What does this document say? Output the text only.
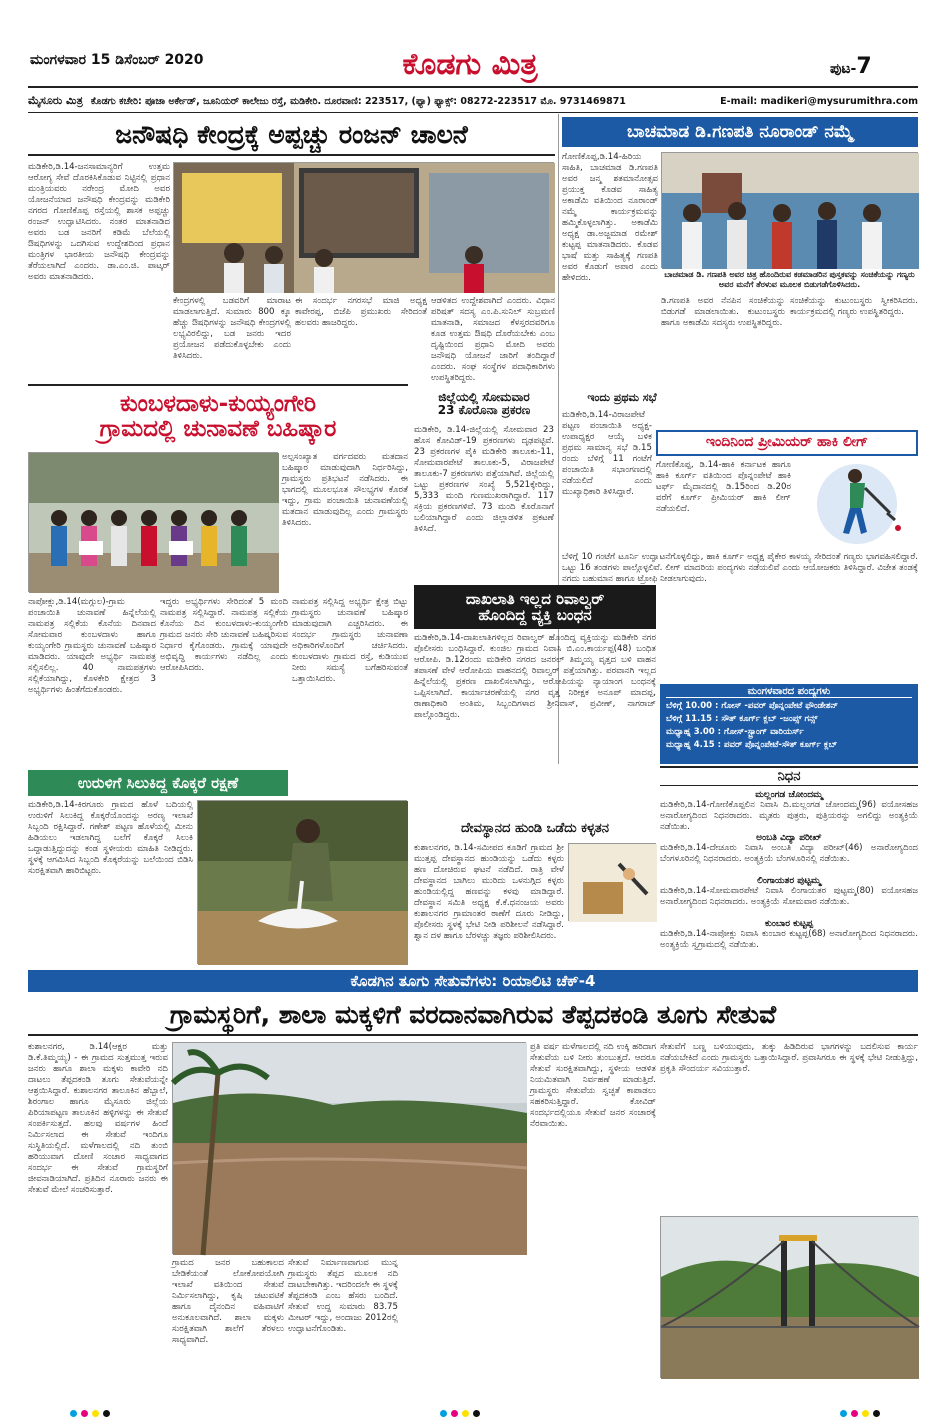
ಮಂಗಳವಾರ 15 ಡಿಸೆಂಬರ್ 2020	ಕೊಡಗು ಮಿತ್ರ	ಪುಟ-7
ಮೈಸೂರು ಮಿತ್ರ ಕೊಡಗು ಕಚೇರಿ: ಪೂಜಾ ಅರ್ಕೇಡ್, ಜೂನಿಯರ್ ಕಾಲೇಜು ರಸ್ತೆ, ಮಡಿಕೇರಿ. ದೂರವಾಣಿ: 223517, (ಫ್ಯಾ) ಫ್ಯಾಕ್ಸ್: 08272-223517 ಮೊ. 9731469871	E-mail: madikeri@mysurumithra.com
ಜನೌಷಧಿ ಕೇಂದ್ರಕ್ಕೆ ಅಪ್ಪಚ್ಚು ರಂಜನ್ ಚಾಲನೆ
ಮಡಿಕೇರಿ,ಡಿ.14-ಜನಸಾಮಾನ್ಯರಿಗೆ ಉತ್ತಮ ಆರೋಗ್ಯ ಸೇವೆ ದೊರಕಿಸಿಕೊಡುವ ನಿಟ್ಟಿನಲ್ಲಿ ಪ್ರಧಾನ ಮಂತ್ರಿಯವರು ನರೇಂದ್ರ ಮೋದಿ ಅವರ ಯೋಜನೆಯಾದ ಜನೌಷಧಿ ಕೇಂದ್ರವನ್ನು ಮಡಿಕೇರಿ ನಗರದ ಗೋಣಿಕೊಪ್ಪ ರಸ್ತೆಯಲ್ಲಿ ಶಾಸಕ ಅಪ್ಪಚ್ಚು ರಂಜನ್ ಉದ್ಘಾಟಿಸಿದರು. ನಂತರ ಮಾತನಾಡಿದ ಅವರು ಬಡ ಜನರಿಗೆ ಕಡಿಮೆ ಬೆಲೆಯಲ್ಲಿ ಔಷಧಿಗಳನ್ನು ಒದಗಿಸುವ ಉದ್ದೇಶದಿಂದ ಪ್ರಧಾನ ಮಂತ್ರಿಗಳ ಭಾರತೀಯ ಜನೌಷಧಿ ಕೇಂದ್ರವನ್ನು ತೆರೆಯಲಾಗಿದೆ ಎಂದರು. ಡಾ.ಎಂ.ಜಿ. ಪಾಟ್ಕರ್ ಅವರು ಮಾತನಾಡಿದರು.
ಕೇಂದ್ರಗಳಲ್ಲಿ ಬಡವರಿಗೆ ಮಾರಾಟ ಮಾಡಲಾಗುತ್ತಿದೆ. ಸುಮಾರು 800 ಕ್ಕೂ ಹೆಚ್ಚು ಔಷಧಿಗಳನ್ನು ಜನೌಷಧಿ ಕೇಂದ್ರಗಳಲ್ಲಿ ಲಭ್ಯವಿರಲಿದ್ದು, ಬಡ ಜನರು ಇದರ ಪ್ರಯೋಜನ ಪಡೆದುಕೊಳ್ಳಬೇಕು ಎಂದು ತಿಳಿಸಿದರು.
ಈ ಸಂದರ್ಭ ನಗರಸಭೆ ಮಾಜಿ ಅಧ್ಯಕ್ಷ ಕಾವೇರಪ್ಪ, ಬಿಜೆಪಿ ಪ್ರಮುಖರು ಸೇರಿದಂತೆ ಹಲವರು ಹಾಜರಿದ್ದರು.
ಆಡಳಿತದ ಉದ್ದೇಶವಾಗಿದೆ ಎಂದರು. ವಿಧಾನ ಪರಿಷತ್ ಸದಸ್ಯ ಎಂ.ಪಿ.ಸುನಿಲ್ ಸುಬ್ರಮಣಿ ಮಾತನಾಡಿ, ಸಮಾಜದ ಕೆಳಸ್ತರದವರಿಗೂ ಕೂಡ ಉತ್ತಮ ಔಷಧಿ ದೊರೆಯಬೇಕು ಎಂಬ ದೃಷ್ಟಿಯಿಂದ ಪ್ರಧಾನಿ ಮೋದಿ ಅವರು ಜನೌಷಧಿ ಯೋಜನೆ ಜಾರಿಗೆ ತಂದಿದ್ದಾರೆ ಎಂದರು. ಸಂಘ ಸಂಸ್ಥೆಗಳ ಪದಾಧಿಕಾರಿಗಳು ಉಪಸ್ಥಿತರಿದ್ದರು.
ಬಾಚಮಾಡ ಡಿ.ಗಣಪತಿ ನೂರಾಂಡ್ ನಮ್ಮೆ
ಗೋಣಿಕೊಪ್ಪ,ಡಿ.14-ಹಿರಿಯ ಸಾಹಿತಿ, ಬಾಚಮಾಡ ಡಿ.ಗಣಪತಿ ಅವರ ಜನ್ಮ ಶತಮಾನೋತ್ಸವ ಪ್ರಯುಕ್ತ ಕೊಡವ ಸಾಹಿತ್ಯ ಅಕಾಡೆಮಿ ವತಿಯಿಂದ ನೂರಾಂಡ್ ನಮ್ಮೆ ಕಾರ್ಯಕ್ರಮವನ್ನು ಹಮ್ಮಿಕೊಳ್ಳಲಾಗಿತ್ತು. ಅಕಾಡೆಮಿ ಅಧ್ಯಕ್ಷ ಡಾ.ಅಜ್ಜಮಾಡ ರಮೇಶ್ ಕುಟ್ಟಪ್ಪ ಮಾತನಾಡಿದರು. ಕೊಡವ ಭಾಷೆ ಮತ್ತು ಸಾಹಿತ್ಯಕ್ಕೆ ಗಣಪತಿ ಅವರ ಕೊಡುಗೆ ಅಪಾರ ಎಂದು ಹೇಳಿದರು.	ಬಾಚಮಾಡ ಡಿ. ಗಣಪತಿ ಅವರ ಚಿತ್ರ ಹೊಂದಿರುವ ಕಡಮಾಡರಿನ ಪುಸ್ತಕವನ್ನು ಸಂಚಿಕೆಯನ್ನು ಗಣ್ಯರು ಅವರ ಮನೆಗೆ ತೆರಳುವ ಮೂಲಕ ಬಿಡುಗಡೆಗೊಳಿಸಿದರು.
ಡಿ.ಗಣಪತಿ ಅವರ ನೆನಪಿನ ಸಂಚಿಕೆಯನ್ನು ಬಿಡುಗಡೆ ಮಾಡಲಾಯಿತು. ಕುಟುಂಬಸ್ಥರು ಹಾಗೂ ಅಕಾಡೆಮಿ ಸದಸ್ಯರು ಉಪಸ್ಥಿತರಿದ್ದರು.
ಸಂಚಿಕೆಯನ್ನು ಕುಟುಂಬಸ್ಥರು ಸ್ವೀಕರಿಸಿದರು. ಕಾರ್ಯಕ್ರಮದಲ್ಲಿ ಗಣ್ಯರು ಉಪಸ್ಥಿತರಿದ್ದರು.
ಕುಂಬಳದಾಳು-ಕುಯ್ಯಂಗೇರಿ
ಗ್ರಾಮದಲ್ಲಿ ಚುನಾವಣೆ ಬಹಿಷ್ಕಾರ
ಅಲ್ಪಸಂಖ್ಯಾತ ವರ್ಗದವರು ಮತದಾನ ಬಹಿಷ್ಕಾರ ಮಾಡುವುದಾಗಿ ನಿರ್ಧರಿಸಿದ್ದು, ಗ್ರಾಮಸ್ಥರು ಪ್ರತಿಭಟನೆ ನಡೆಸಿದರು. ಈ ಭಾಗದಲ್ಲಿ ಮೂಲಭೂತ ಸೌಲಭ್ಯಗಳ ಕೊರತೆ ಇದ್ದು, ಗ್ರಾಮ ಪಂಚಾಯಿತಿ ಚುನಾವಣೆಯಲ್ಲಿ ಮತದಾನ ಮಾಡುವುದಿಲ್ಲ ಎಂದು ಗ್ರಾಮಸ್ಥರು ತಿಳಿಸಿದರು.
ನಾಪೋಕ್ಲು,ಡಿ.14(ಮಗ್ಗುಲ)-ಗ್ರಾಮ ಪಂಚಾಯಿತಿ ಚುನಾವಣೆ ಹಿನ್ನೆಲೆಯಲ್ಲಿ ನಾಮಪತ್ರ ಸಲ್ಲಿಕೆಯ ಕೊನೆಯ ದಿನವಾದ ಸೋಮವಾರ ಕುಂಬಳದಾಳು ಹಾಗೂ ಕುಯ್ಯಂಗೇರಿ ಗ್ರಾಮಸ್ಥರು ಚುನಾವಣೆ ಬಹಿಷ್ಕಾರ ಮಾಡಿದರು. ಯಾವುದೇ ಅಭ್ಯರ್ಥಿ ನಾಮಪತ್ರ ಸಲ್ಲಿಸಲಿಲ್ಲ. 40 ನಾಮಪತ್ರಗಳು ಸಲ್ಲಿಕೆಯಾಗಿದ್ದು, ಕೊಳಕೇರಿ ಕ್ಷೇತ್ರದ 3 ಅಭ್ಯರ್ಥಿಗಳು ಹಿಂತೆಗೆದುಕೊಂಡರು.
ಇದ್ದರು ಅಭ್ಯರ್ಥಿಗಳು ಸೇರಿದಂತೆ 5 ಮಂದಿ ನಾಮಪತ್ರ ಸಲ್ಲಿಸಿದ್ದಾರೆ. ನಾಮಪತ್ರ ಸಲ್ಲಿಕೆಯ ಕೊನೆಯ ದಿನ ಕುಂಬಳದಾಳು-ಕುಯ್ಯಂಗೇರಿ ಗ್ರಾಮದ ಜನರು ಸೇರಿ ಚುನಾವಣೆ ಬಹಿಷ್ಕರಿಸುವ ನಿರ್ಧಾರ ಕೈಗೊಂಡರು. ಗ್ರಾಮಕ್ಕೆ ಯಾವುದೇ ಅಭಿವೃದ್ಧಿ ಕಾರ್ಯಗಳು ನಡೆದಿಲ್ಲ ಎಂದು ಆರೋಪಿಸಿದರು.
ನಾಮಪತ್ರ ಸಲ್ಲಿಸಿದ್ದ ಅಭ್ಯರ್ಥಿ ಕ್ಷೇತ್ರ ಬಿಟ್ಟು ಗ್ರಾಮಸ್ಥರು ಚುನಾವಣೆ ಬಹಿಷ್ಕಾರ ಮಾಡುವುದಾಗಿ ಎಚ್ಚರಿಸಿದರು. ಈ ಸಂದರ್ಭ ಗ್ರಾಮಸ್ಥರು ಚುನಾವಣಾ ಅಧಿಕಾರಿಗಳೊಂದಿಗೆ ಚರ್ಚಿಸಿದರು. ಕುಂಬಳದಾಳು ಗ್ರಾಮದ ರಸ್ತೆ, ಕುಡಿಯುವ ನೀರು ಸಮಸ್ಯೆ ಬಗೆಹರಿಸುವಂತೆ ಒತ್ತಾಯಿಸಿದರು.
ಜಿಲ್ಲೆಯಲ್ಲಿ ಸೋಮವಾರ
23 ಕೊರೊನಾ ಪ್ರಕರಣ
ಮಡಿಕೇರಿ, ಡಿ.14-ಜಿಲ್ಲೆಯಲ್ಲಿ ಸೋಮವಾರ 23 ಹೊಸ ಕೋವಿಡ್-19 ಪ್ರಕರಣಗಳು ದೃಢಪಟ್ಟಿವೆ. 23 ಪ್ರಕರಣಗಳ ಪೈಕಿ ಮಡಿಕೇರಿ ತಾಲೂಕು-11, ಸೋಮವಾರಪೇಟೆ ತಾಲೂಕು-5, ವಿರಾಜಪೇಟೆ ತಾಲೂಕು-7 ಪ್ರಕರಣಗಳು ಪತ್ತೆಯಾಗಿವೆ. ಜಿಲ್ಲೆಯಲ್ಲಿ ಒಟ್ಟು ಪ್ರಕರಣಗಳ ಸಂಖ್ಯೆ 5,521ಕ್ಕೇರಿದ್ದು, 5,333 ಮಂದಿ ಗುಣಮುಖರಾಗಿದ್ದಾರೆ. 117 ಸಕ್ರಿಯ ಪ್ರಕರಣಗಳಿವೆ. 73 ಮಂದಿ ಕೊರೊನಾಗೆ ಬಲಿಯಾಗಿದ್ದಾರೆ ಎಂದು ಜಿಲ್ಲಾಡಳಿತ ಪ್ರಕಟಣೆ ತಿಳಿಸಿದೆ.
ಇಂದು ಪ್ರಥಮ ಸಭೆ
ಮಡಿಕೇರಿ,ಡಿ.14-ವಿರಾಜಪೇಟೆ ಪಟ್ಟಣ ಪಂಚಾಯಿತಿ ಅಧ್ಯಕ್ಷ-ಉಪಾಧ್ಯಕ್ಷರ ಆಯ್ಕೆ ಬಳಿಕ ಪ್ರಥಮ ಸಾಮಾನ್ಯ ಸಭೆ ಡಿ.15 ರಂದು ಬೆಳಿಗ್ಗೆ 11 ಗಂಟೆಗೆ ಪಂಚಾಯಿತಿ ಸಭಾಂಗಣದಲ್ಲಿ ನಡೆಯಲಿದೆ ಎಂದು ಮುಖ್ಯಾಧಿಕಾರಿ ತಿಳಿಸಿದ್ದಾರೆ.
ಇಂದಿನಿಂದ ಪ್ರೀಮಿಯರ್ ಹಾಕಿ ಲೀಗ್
ಗೋಣಿಕೊಪ್ಪ, ಡಿ.14-ಹಾಕಿ ಕರ್ನಾಟಕ ಹಾಗೂ ಹಾಕಿ ಕೂರ್ಗ್ ವತಿಯಿಂದ ಪೊನ್ನಂಪೇಟೆ ಹಾಕಿ ಟರ್ಫ್ ಮೈದಾನದಲ್ಲಿ ಡಿ.15ರಿಂದ ಡಿ.20ರ ವರೆಗೆ ಕೂರ್ಗ್ ಪ್ರೀಮಿಯರ್ ಹಾಕಿ ಲೀಗ್ ನಡೆಯಲಿದೆ.
ಬೆಳಿಗ್ಗೆ 10 ಗಂಟೆಗೆ ಟೂರ್ನಿ ಉದ್ಘಾಟನೆಗೊಳ್ಳಲಿದ್ದು, ಹಾಕಿ ಕೂರ್ಗ್ ಅಧ್ಯಕ್ಷ ಪೈಕೇರ ಕಾಳಯ್ಯ ಸೇರಿದಂತೆ ಗಣ್ಯರು ಭಾಗವಹಿಸಲಿದ್ದಾರೆ. ಒಟ್ಟು 16 ತಂಡಗಳು ಪಾಲ್ಗೊಳ್ಳಲಿವೆ. ಲೀಗ್ ಮಾದರಿಯ ಪಂದ್ಯಗಳು ನಡೆಯಲಿವೆ ಎಂದು ಆಯೋಜಕರು ತಿಳಿಸಿದ್ದಾರೆ. ವಿಜೇತ ತಂಡಕ್ಕೆ ನಗದು ಬಹುಮಾನ ಹಾಗೂ ಟ್ರೋಫಿ ನೀಡಲಾಗುವುದು.
ಮಂಗಳವಾರದ ಪಂದ್ಯಗಳು
ಬೆಳಿಗ್ಗೆ 10.00 : ಗೋಸ್ -ಪವರ್ ಪೊನ್ನಂಪೇಟೆ ಫೌಂಡೇಶನ್
ಬೆಳಿಗ್ಗೆ 11.15 : ಸೌತ್ ಕೂರ್ಗ್ ಕ್ಲಬ್ -ಜಂಪ್ಸ್ ಗನ್ಸ್
ಮಧ್ಯಾಹ್ನ 3.00 : ಗೋಸ್-ಸ್ಟ್ರಾಂಗ್ ವಾರಿಯರ್ಸ್
ಮಧ್ಯಾಹ್ನ 4.15 : ಪವರ್ ಪೊನ್ನಂಪೇಟೆ-ಸೌತ್ ಕೂರ್ಗ್ ಕ್ಲಬ್
ದಾಖಲಾತಿ ಇಲ್ಲದ ರಿವಾಲ್ವರ್
ಹೊಂದಿದ್ದ ವ್ಯಕ್ತಿ ಬಂಧನ
ಮಡಿಕೇರಿ,ಡಿ.14-ದಾಖಲಾತಿಗಳಿಲ್ಲದ ರಿವಾಲ್ವರ್ ಹೊಂದಿದ್ದ ವ್ಯಕ್ತಿಯನ್ನು ಮಡಿಕೇರಿ ನಗರ ಪೊಲೀಸರು ಬಂಧಿಸಿದ್ದಾರೆ. ಕುಂಜಿಲ ಗ್ರಾಮದ ನಿವಾಸಿ ಬಿ.ಎಂ.ಕಾರ್ಯಪ್ಪ(48) ಬಂಧಿತ ಆರೋಪಿ. ಡಿ.12ರಂದು ಮಡಿಕೇರಿ ನಗರದ ಜನರಲ್ ತಿಮ್ಮಯ್ಯ ವೃತ್ತದ ಬಳಿ ವಾಹನ ತಪಾಸಣೆ ವೇಳೆ ಆರೋಪಿಯ ವಾಹನದಲ್ಲಿ ರಿವಾಲ್ವರ್ ಪತ್ತೆಯಾಗಿತ್ತು. ಪರವಾನಗಿ ಇಲ್ಲದ ಹಿನ್ನೆಲೆಯಲ್ಲಿ ಪ್ರಕರಣ ದಾಖಲಿಸಲಾಗಿದ್ದು, ಆರೋಪಿಯನ್ನು ನ್ಯಾಯಾಂಗ ಬಂಧನಕ್ಕೆ ಒಪ್ಪಿಸಲಾಗಿದೆ. ಕಾರ್ಯಾಚರಣೆಯಲ್ಲಿ ನಗರ ವೃತ್ತ ನಿರೀಕ್ಷಕ ಅನೂಪ್ ಮಾದಪ್ಪ, ಠಾಣಾಧಿಕಾರಿ ಅಂತಿಮ, ಸಿಬ್ಬಂದಿಗಳಾದ ಶ್ರೀನಿವಾಸ್, ಪ್ರವೀಣ್, ನಾಗರಾಜ್ ಪಾಲ್ಗೊಂಡಿದ್ದರು.
ನಿಧನ
ಮಲ್ಲಂಗಡ ಚೋಂದಮ್ಮ
ಮಡಿಕೇರಿ,ಡಿ.14-ಗೋಣಿಕೊಪ್ಪಲಿನ ನಿವಾಸಿ ದಿ.ಮಲ್ಲಂಗಡ ಚೋಂದಮ್ಮ(96) ವಯೋಸಹಜ ಅನಾರೋಗ್ಯದಿಂದ ನಿಧನರಾದರು. ಮೃತರು ಪುತ್ರರು, ಪುತ್ರಿಯರನ್ನು ಅಗಲಿದ್ದು ಅಂತ್ಯಕ್ರಿಯೆ ನಡೆಯಿತು.
ಅಂಬತಿ ವಿದ್ಯಾ ಪರೀಖ್
ಮಡಿಕೇರಿ,ಡಿ.14-ದೇಚೂರು ನಿವಾಸಿ ಅಂಬತಿ ವಿದ್ಯಾ ಪರೀಖ್(46) ಅನಾರೋಗ್ಯದಿಂದ ಬೆಂಗಳೂರಿನಲ್ಲಿ ನಿಧನರಾದರು. ಅಂತ್ಯಕ್ರಿಯೆ ಬೆಂಗಳೂರಿನಲ್ಲಿ ನಡೆಯಿತು.
ಲಿಂಗಾಯತರ ಪುಟ್ಟಮ್ಮ
ಮಡಿಕೇರಿ,ಡಿ.14-ಸೋಮವಾರಪೇಟೆ ನಿವಾಸಿ ಲಿಂಗಾಯತರ ಪುಟ್ಟಮ್ಮ(80) ವಯೋಸಹಜ ಅನಾರೋಗ್ಯದಿಂದ ನಿಧನರಾದರು. ಅಂತ್ಯಕ್ರಿಯೆ ಸೋಮವಾರ ನಡೆಯಿತು.
ಕುಂಬಾರ ಕುಟ್ಟಪ್ಪ
ಮಡಿಕೇರಿ,ಡಿ.14-ನಾಪೋಕ್ಲು ನಿವಾಸಿ ಕುಂಬಾರ ಕುಟ್ಟಪ್ಪ(68) ಅನಾರೋಗ್ಯದಿಂದ ನಿಧನರಾದರು. ಅಂತ್ಯಕ್ರಿಯೆ ಸ್ವಗ್ರಾಮದಲ್ಲಿ ನಡೆಯಿತು.
ಉರುಳಿಗೆ ಸಿಲುಕಿದ್ದ ಕೊಕ್ಕರೆ ರಕ್ಷಣೆ
ಮಡಿಕೇರಿ,ಡಿ.14-ಕಿರಗೂರು ಗ್ರಾಮದ ಹೊಳೆ ಬದಿಯಲ್ಲಿ ಉರುಳಿಗೆ ಸಿಲುಕಿದ್ದ ಕೊಕ್ಕರೆಯೊಂದನ್ನು ಅರಣ್ಯ ಇಲಾಖೆ ಸಿಬ್ಬಂದಿ ರಕ್ಷಿಸಿದ್ದಾರೆ. ಗಣೇಶ್ ಪಟ್ಟಣ ಹೊಳೆಯಲ್ಲಿ ಮೀನು ಹಿಡಿಯಲು ಇಡಲಾಗಿದ್ದ ಬಲೆಗೆ ಕೊಕ್ಕರೆ ಸಿಲುಕಿ ಒದ್ದಾಡುತ್ತಿದ್ದುದನ್ನು ಕಂಡ ಸ್ಥಳೀಯರು ಮಾಹಿತಿ ನೀಡಿದ್ದರು. ಸ್ಥಳಕ್ಕೆ ಆಗಮಿಸಿದ ಸಿಬ್ಬಂದಿ ಕೊಕ್ಕರೆಯನ್ನು ಬಲೆಯಿಂದ ಬಿಡಿಸಿ ಸುರಕ್ಷಿತವಾಗಿ ಹಾರಿಬಿಟ್ಟರು.
ದೇವಸ್ಥಾನದ ಹುಂಡಿ ಒಡೆದು ಕಳ್ಳತನ
ಕುಶಾಲನಗರ, ಡಿ.14-ಸಮೀಪದ ಕೂಡಿಗೆ ಗ್ರಾಮದ ಶ್ರೀ ಮುತ್ತಪ್ಪ ದೇವಸ್ಥಾನದ ಹುಂಡಿಯನ್ನು ಒಡೆದು ಕಳ್ಳರು ಹಣ ದೋಚಿರುವ ಘಟನೆ ನಡೆದಿದೆ. ರಾತ್ರಿ ವೇಳೆ ದೇವಸ್ಥಾನದ ಬಾಗಿಲು ಮುರಿದು ಒಳನುಗ್ಗಿದ ಕಳ್ಳರು ಹುಂಡಿಯಲ್ಲಿದ್ದ ಹಣವನ್ನು ಕಳವು ಮಾಡಿದ್ದಾರೆ. ದೇವಸ್ಥಾನ ಸಮಿತಿ ಅಧ್ಯಕ್ಷ ಕೆ.ಕೆ.ಧನಂಜಯ ಅವರು ಕುಶಾಲನಗರ ಗ್ರಾಮಾಂತರ ಠಾಣೆಗೆ ದೂರು ನೀಡಿದ್ದು, ಪೊಲೀಸರು ಸ್ಥಳಕ್ಕೆ ಭೇಟಿ ನೀಡಿ ಪರಿಶೀಲನೆ ನಡೆಸಿದ್ದಾರೆ. ಶ್ವಾನ ದಳ ಹಾಗೂ ಬೆರಳಚ್ಚು ತಜ್ಞರು ಪರಿಶೀಲಿಸಿದರು.
ಕೊಡಗಿನ ತೂಗು ಸೇತುವೆಗಳು: ರಿಯಾಲಿಟಿ ಚೆಕ್-4
ಗ್ರಾಮಸ್ಥರಿಗೆ, ಶಾಲಾ ಮಕ್ಕಳಿಗೆ ವರದಾನವಾಗಿರುವ ತೆಪ್ಪದಕಂಡಿ ತೂಗು ಸೇತುವೆ
ಕುಶಾಲನಗರ, ಡಿ.14(ಆಕ್ಷರ ಮತ್ತು ಡಿ.ಕೆ.ತಿಮ್ಮಯ್ಯ) - ಈ ಗ್ರಾಮದ ಸುತ್ತಮುತ್ತ ಇರುವ ಜನರು ಹಾಗೂ ಶಾಲಾ ಮಕ್ಕಳು ಕಾವೇರಿ ನದಿ ದಾಟಲು ತೆಪ್ಪದಕಂಡಿ ತೂಗು ಸೇತುವೆಯನ್ನೇ ಆಶ್ರಯಿಸಿದ್ದಾರೆ. ಕುಶಾಲನಗರ ತಾಲೂಕಿನ ಹೆಬ್ಬಾಲೆ, ಶಿರಂಗಾಲ ಹಾಗೂ ಮೈಸೂರು ಜಿಲ್ಲೆಯ ಪಿರಿಯಾಪಟ್ಟಣ ತಾಲೂಕಿನ ಹಳ್ಳಿಗಳನ್ನು ಈ ಸೇತುವೆ ಸಂಪರ್ಕಿಸುತ್ತದೆ. ಹಲವು ವರ್ಷಗಳ ಹಿಂದೆ ನಿರ್ಮಿಸಲಾದ ಈ ಸೇತುವೆ ಇಂದಿಗೂ ಸುಸ್ಥಿತಿಯಲ್ಲಿದೆ. ಮಳೆಗಾಲದಲ್ಲಿ ನದಿ ತುಂಬಿ ಹರಿಯುವಾಗ ದೋಣಿ ಸಂಚಾರ ಸಾಧ್ಯವಾಗದ ಸಂದರ್ಭ ಈ ಸೇತುವೆ ಗ್ರಾಮಸ್ಥರಿಗೆ ಜೀವನಾಡಿಯಾಗಿದೆ. ಪ್ರತಿದಿನ ನೂರಾರು ಜನರು ಈ ಸೇತುವೆ ಮೇಲೆ ಸಂಚರಿಸುತ್ತಾರೆ.
ಗ್ರಾಮದ ಜನರ ಬಹುಕಾಲದ ಬೇಡಿಕೆಯಂತೆ ಲೋಕೋಪಯೋಗಿ ಇಲಾಖೆ ವತಿಯಿಂದ ಸೇತುವೆ ನಿರ್ಮಿಸಲಾಗಿದ್ದು, ಕೃಷಿ ಚಟುವಟಿಕೆ ಹಾಗೂ ದೈನಂದಿನ ವಹಿವಾಟಿಗೆ ಅನುಕೂಲವಾಗಿದೆ. ಶಾಲಾ ಮಕ್ಕಳು ಸುರಕ್ಷಿತವಾಗಿ ಶಾಲೆಗೆ ತೆರಳಲು ಸಾಧ್ಯವಾಗಿದೆ.
ಸೇತುವೆ ನಿರ್ಮಾಣವಾಗುವ ಮುನ್ನ ಗ್ರಾಮಸ್ಥರು ತೆಪ್ಪದ ಮೂಲಕ ನದಿ ದಾಟಬೇಕಾಗಿತ್ತು. ಇದರಿಂದಲೇ ಈ ಸ್ಥಳಕ್ಕೆ ತೆಪ್ಪದಕಂಡಿ ಎಂಬ ಹೆಸರು ಬಂದಿದೆ. ಸೇತುವೆ ಉದ್ದ ಸುಮಾರು 83.75 ಮೀಟರ್ ಇದ್ದು, ಅಂದಾಜು 2012ರಲ್ಲಿ ಉದ್ಘಾಟನೆಗೊಂಡಿತು.
ಪ್ರತಿ ವರ್ಷ ಮಳೆಗಾಲದಲ್ಲಿ ನದಿ ಉಕ್ಕಿ ಹರಿದಾಗ ಸೇತುವೆಯ ಬಳಿ ನೀರು ತುಂಬುತ್ತದೆ. ಆದರೂ ಸೇತುವೆ ಸುರಕ್ಷಿತವಾಗಿದ್ದು, ಸ್ಥಳೀಯ ಆಡಳಿತ ನಿಯಮಿತವಾಗಿ ನಿರ್ವಹಣೆ ಮಾಡುತ್ತಿದೆ. ಗ್ರಾಮಸ್ಥರು ಸೇತುವೆಯ ಸ್ವಚ್ಛತೆ ಕಾಪಾಡಲು ಸಹಕರಿಸುತ್ತಿದ್ದಾರೆ. ಕೋವಿಡ್ ಸಂದರ್ಭದಲ್ಲಿಯೂ ಸೇತುವೆ ಜನರ ಸಂಚಾರಕ್ಕೆ ನೆರವಾಯಿತು.
ಸೇತುವೆಗೆ ಬಣ್ಣ ಬಳಿಯುವುದು, ತುಕ್ಕು ಹಿಡಿದಿರುವ ಭಾಗಗಳನ್ನು ಬದಲಿಸುವ ಕಾರ್ಯ ನಡೆಯಬೇಕಿದೆ ಎಂದು ಗ್ರಾಮಸ್ಥರು ಒತ್ತಾಯಿಸಿದ್ದಾರೆ. ಪ್ರವಾಸಿಗರೂ ಈ ಸ್ಥಳಕ್ಕೆ ಭೇಟಿ ನೀಡುತ್ತಿದ್ದು, ಪ್ರಕೃತಿ ಸೌಂದರ್ಯ ಸವಿಯುತ್ತಾರೆ.
